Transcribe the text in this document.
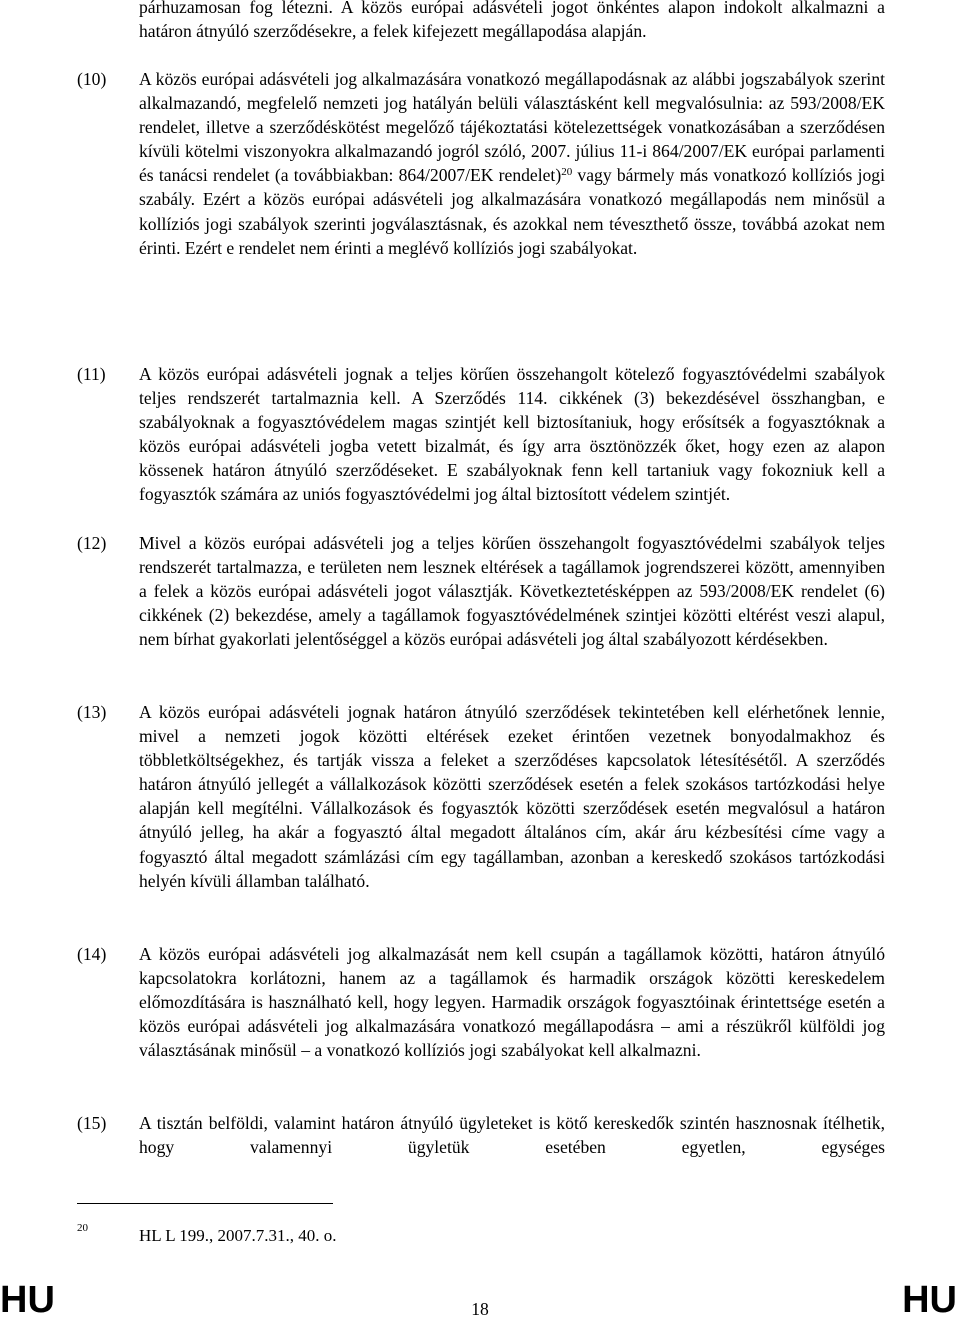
párhuzamosan fog létezni. A közös európai adásvételi jogot önkéntes alapon indokolt alkalmazni a határon átnyúló szerződésekre, a felek kifejezett megállapodása alapján.
(10) A közös európai adásvételi jog alkalmazására vonatkozó megállapodásnak az alábbi jogszabályok szerint alkalmazandó, megfelelő nemzeti jog hatályán belüli választásként kell megvalósulnia: az 593/2008/EK rendelet, illetve a szerződéskötést megelőző tájékoztatási kötelezettségek vonatkozásában a szerződésen kívüli kötelmi viszonyokra alkalmazandó jogról szóló, 2007. július 11-i 864/2007/EK európai parlamenti és tanácsi rendelet (a továbbiakban: 864/2007/EK rendelet)$^{20}$ vagy bármely más vonatkozó kollíziós jogi szabály. Ezért a közös európai adásvételi jog alkalmazására vonatkozó megállapodás nem minősül a kollíziós jogi szabályok szerinti jogválasztásnak, és azokkal nem téveszthető össze, továbbá azokat nem érinti. Ezért e rendelet nem érinti a meglévő kollíziós jogi szabályokat.
(11) A közös európai adásvételi jognak a teljes körűen összehangolt kötelező fogyasztóvédelmi szabályok teljes rendszerét tartalmaznia kell. A Szerződés 114. cikkének (3) bekezdésével összhangban, e szabályoknak a fogyasztóvédelem magas szintjét kell biztosítaniuk, hogy erősítsék a fogyasztóknak a közös európai adásvételi jogba vetett bizalmát, és így arra ösztönözzék őket, hogy ezen az alapon kössenek határon átnyúló szerződéseket. E szabályoknak fenn kell tartaniuk vagy fokozniuk kell a fogyasztók számára az uniós fogyasztóvédelmi jog által biztosított védelem szintjét.
(12) Mivel a közös európai adásvételi jog a teljes körűen összehangolt fogyasztóvédelmi szabályok teljes rendszerét tartalmazza, e területen nem lesznek eltérések a tagállamok jogrendszerei között, amennyiben a felek a közös európai adásvételi jogot választják. Következtetésképpen az 593/2008/EK rendelet (6) cikkének (2) bekezdése, amely a tagállamok fogyasztóvédelmének szintjei közötti eltérést veszi alapul, nem bírhat gyakorlati jelentőséggel a közös európai adásvételi jog által szabályozott kérdésekben.
(13) A közös európai adásvételi jognak határon átnyúló szerződések tekintetében kell elérhetőnek lennie, mivel a nemzeti jogok közötti eltérések ezeket érintően vezetnek bonyodalmakhoz és többletköltségekhez, és tartják vissza a feleket a szerződéses kapcsolatok létesítésétől. A szerződés határon átnyúló jellegét a vállalkozások közötti szerződések esetén a felek szokásos tartózkodási helye alapján kell megítélni. Vállalkozások és fogyasztók közötti szerződések esetén megvalósul a határon átnyúló jelleg, ha akár a fogyasztó által megadott általános cím, akár áru kézbesítési címe vagy a fogyasztó által megadott számlázási cím egy tagállamban, azonban a kereskedő szokásos tartózkodási helyén kívüli államban található.
(14) A közös európai adásvételi jog alkalmazását nem kell csupán a tagállamok közötti, határon átnyúló kapcsolatokra korlátozni, hanem az a tagállamok és harmadik országok közötti kereskedelem előmozdítására is használható kell, hogy legyen. Harmadik országok fogyasztóinak érintettsége esetén a közös európai adásvételi jog alkalmazására vonatkozó megállapodásra – ami a részükről külföldi jog választásának minősül – a vonatkozó kollíziós jogi szabályokat kell alkalmazni.
(15) A tisztán belföldi, valamint határon átnyúló ügyleteket is kötő kereskedők szintén hasznosnak ítélhetik, hogy valamennyi ügyletük esetében egyetlen, egységes
20	HL L 199., 2007.7.31., 40. o.
HU	18	HU
